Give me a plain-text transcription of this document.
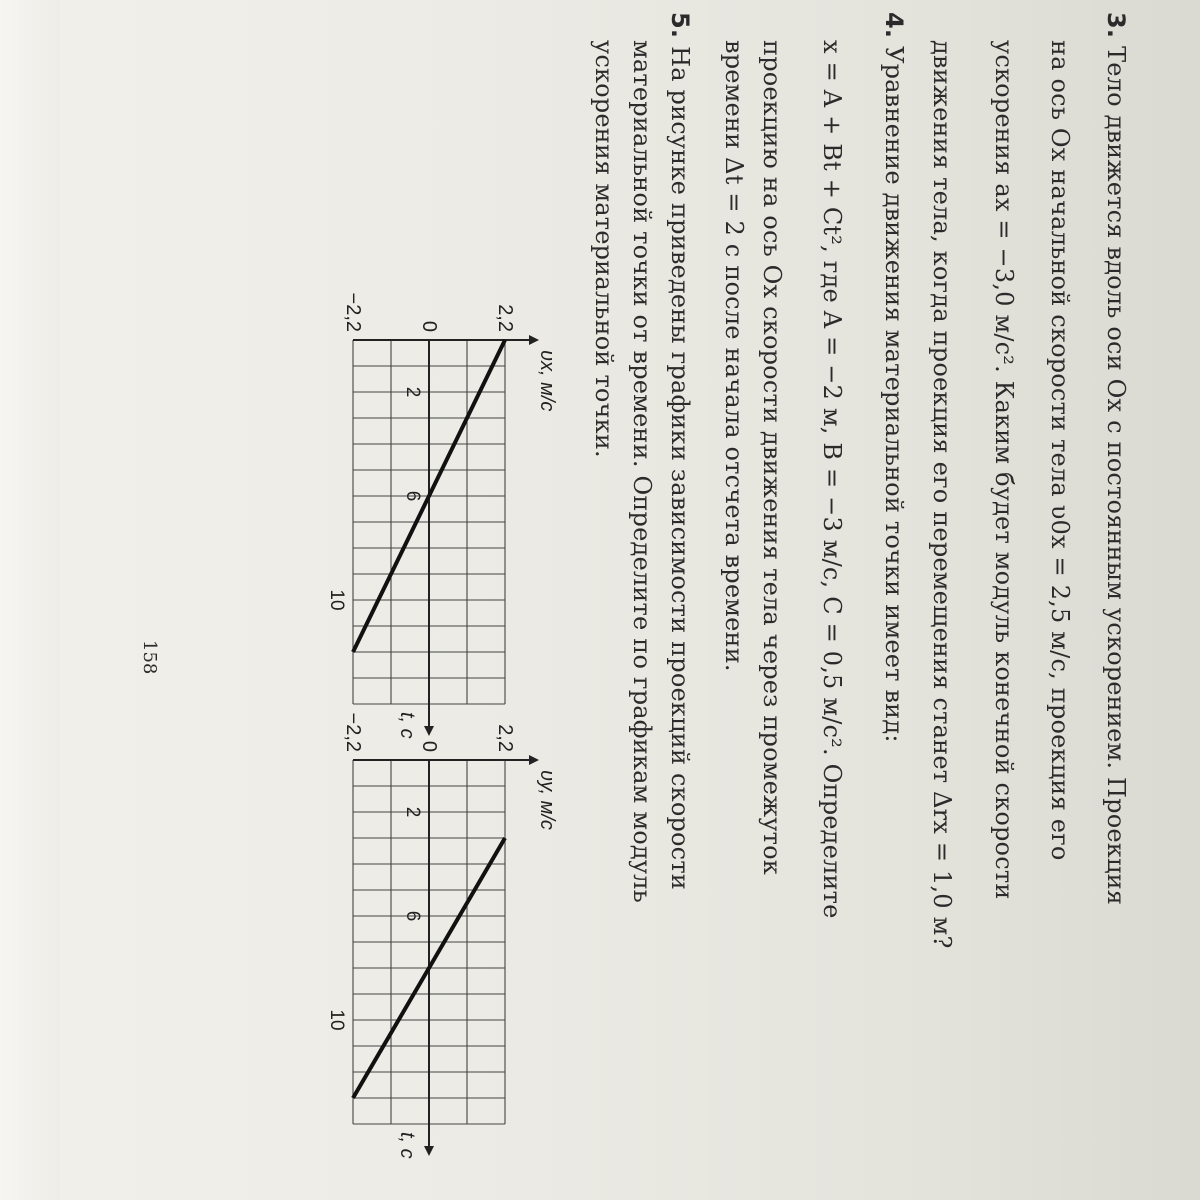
3. Тело движется вдоль оси Ox с постоянным ускорением. Проекция
на ось Ox начальной скорости тела υ0x = 2,5 м/с, проекция его
ускорения ax = −3,0 м/с². Каким будет модуль конечной скорости
движения тела, когда проекция его перемещения станет Δrx = 1,0 м?
4. Уравнение движения материальной точки имеет вид:
x = A + Bt + Ct², где A = −2 м, B = −3 м/с, C = 0,5 м/с². Определите
проекцию на ось Ox скорости движения тела через промежуток
времени Δt = 2 с после начала отсчета времени.
5. На рисунке приведены графики зависимости проекций скорости
материальной точки от времени. Определите по графикам модуль
ускорения материальной точки.
2,2
0
−2,2
2
6
10
υx, м/с
t, с	2,2
0
−2,2
2
6
10
υy, м/с
t, с
158
